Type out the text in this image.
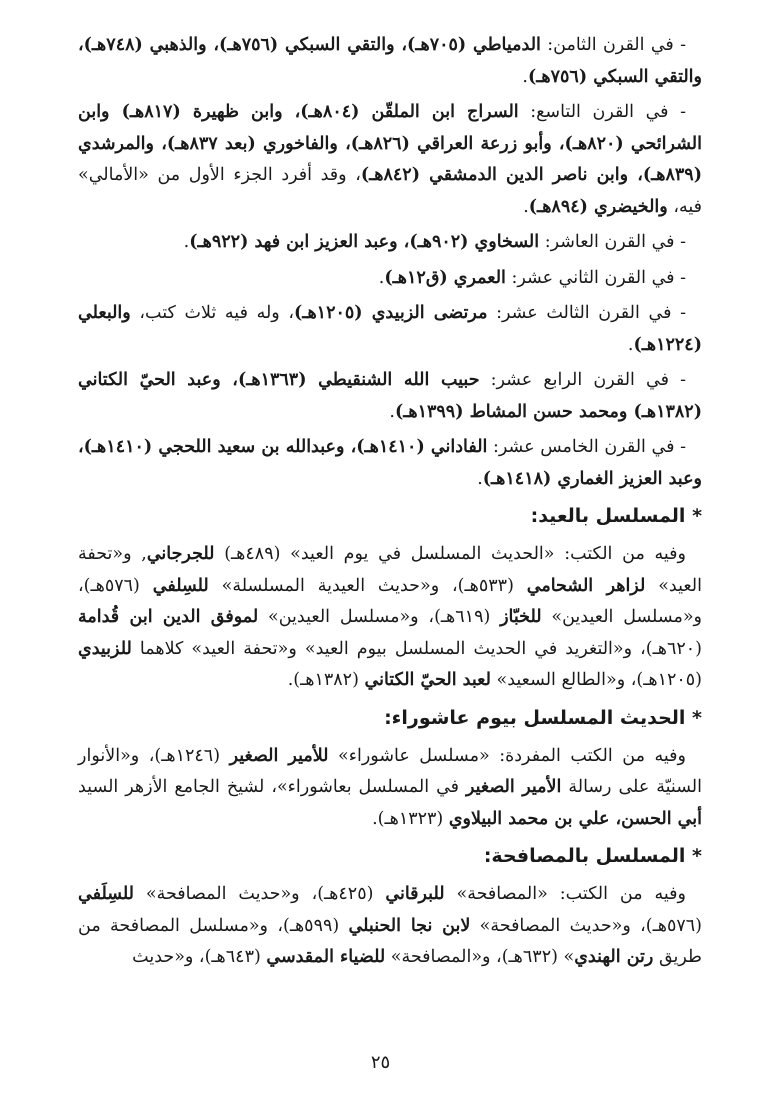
- في القرن الثامن: الدمياطي (٧٠٥هـ)، والتقي السبكي (٧٥٦هـ)، والذهبي (٧٤٨هـ)، والتقي السبكي (٧٥٦هـ).

- في القرن التاسع: السراج ابن الملقّن (٨٠٤هـ)، وابن ظهيرة (٨١٧هـ) وابن الشرائحي (٨٢٠هـ)، وأبو زرعة العراقي (٨٢٦هـ)، والفاخوري (بعد ٨٣٧هـ)، والمرشدي (٨٣٩هـ)، وابن ناصر الدين الدمشقي (٨٤٢هـ)، وقد أفرد الجزء الأول من «الأمالي» فيه، والخيضري (٨٩٤هـ).

- في القرن العاشر: السخاوي (٩٠٢هـ)، وعبد العزيز ابن فهد (٩٢٢هـ).

- في القرن الثاني عشر: العمري (ق١٢هـ).

- في القرن الثالث عشر: مرتضى الزبيدي (١٢٠٥هـ)، وله فيه ثلاث كتب، والبعلي (١٢٢٤هـ).

- في القرن الرابع عشر: حبيب الله الشنقيطي (١٣٦٣هـ)، وعبد الحيّ الكتاني (١٣٨٢هـ) ومحمد حسن المشاط (١٣٩٩هـ).

- في القرن الخامس عشر: الفاداني (١٤١٠هـ)، وعبدالله بن سعيد اللحجي (١٤١٠هـ)، وعبد العزيز الغماري (١٤١٨هـ).

* المسلسل بالعيد:

وفيه من الكتب: «الحديث المسلسل في يوم العيد» (٤٨٩هـ) للجرجاني, و«تحفة العيد» لزاهر الشحامي (٥٣٣هـ)، و«حديث العيدية المسلسلة» للسِلفي (٥٧٦هـ)، و«مسلسل العيدين» للخبّاز (٦١٩هـ)، و«مسلسل العيدين» لموفق الدين ابن قُدامة (٦٢٠هـ)، و«التغريد في الحديث المسلسل بيوم العيد» و«تحفة العيد» كلاهما للزبيدي (١٢٠٥هـ)، و«الطالع السعيد» لعبد الحيّ الكتاني (١٣٨٢هـ).

* الحديث المسلسل بيوم عاشوراء:

وفيه من الكتب المفردة: «مسلسل عاشوراء» للأمير الصغير (١٢٤٦هـ)، و«الأنوار السنيّة على رسالة الأمير الصغير في المسلسل بعاشوراء»، لشيخ الجامع الأزهر السيد أبي الحسن، علي بن محمد البيلاوي (١٣٢٣هـ).

* المسلسل بالمصافحة:

وفيه من الكتب: «المصافحة» للبرقاني (٤٢٥هـ)، و«حديث المصافحة» للسِلَفي (٥٧٦هـ)، و«حديث المصافحة» لابن نجا الحنبلي (٥٩٩هـ)، و«مسلسل المصافحة من طريق رتن الهندي» (٦٣٢هـ)، و«المصافحة» للضياء المقدسي (٦٤٣هـ)، و«حديث

٢٥
